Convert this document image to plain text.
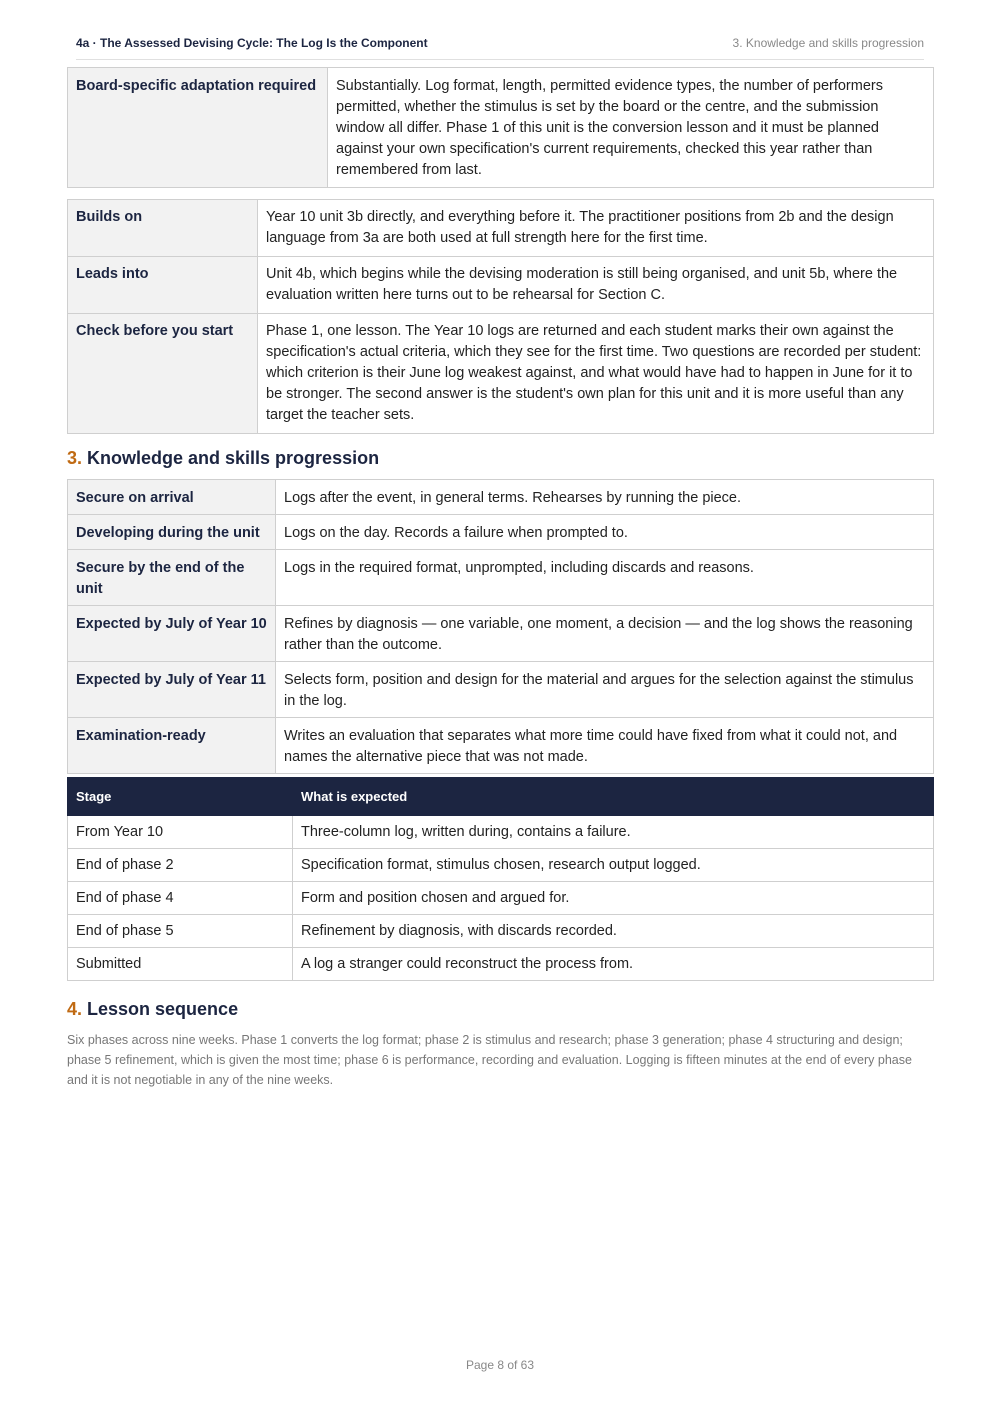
4a · The Assessed Devising Cycle: The Log Is the Component	3. Knowledge and skills progression
Board-specific adaptation required	Substantially. Log format, length, permitted evidence types, the number of performers permitted, whether the stimulus is set by the board or the centre, and the submission window all differ. Phase 1 of this unit is the conversion lesson and it must be planned against your own specification's current requirements, checked this year rather than remembered from last.
Builds on	Year 10 unit 3b directly, and everything before it. The practitioner positions from 2b and the design language from 3a are both used at full strength here for the first time.
Leads into	Unit 4b, which begins while the devising moderation is still being organised, and unit 5b, where the evaluation written here turns out to be rehearsal for Section C.
Check before you start	Phase 1, one lesson. The Year 10 logs are returned and each student marks their own against the specification's actual criteria, which they see for the first time. Two questions are recorded per student: which criterion is their June log weakest against, and what would have had to happen in June for it to be stronger. The second answer is the student's own plan for this unit and it is more useful than any target the teacher sets.
3. Knowledge and skills progression
Secure on arrival	Logs after the event, in general terms. Rehearses by running the piece.
Developing during the unit	Logs on the day. Records a failure when prompted to.
Secure by the end of the unit	Logs in the required format, unprompted, including discards and reasons.
Expected by July of Year 10	Refines by diagnosis — one variable, one moment, a decision — and the log shows the reasoning rather than the outcome.
Expected by July of Year 11	Selects form, position and design for the material and argues for the selection against the stimulus in the log.
Examination-ready	Writes an evaluation that separates what more time could have fixed from what it could not, and names the alternative piece that was not made.
Stage	What is expected
From Year 10	Three-column log, written during, contains a failure.
End of phase 2	Specification format, stimulus chosen, research output logged.
End of phase 4	Form and position chosen and argued for.
End of phase 5	Refinement by diagnosis, with discards recorded.
Submitted	A log a stranger could reconstruct the process from.
4. Lesson sequence

Six phases across nine weeks. Phase 1 converts the log format; phase 2 is stimulus and research; phase 3 generation; phase 4 structuring and design; phase 5 refinement, which is given the most time; phase 6 is performance, recording and evaluation. Logging is fifteen minutes at the end of every phase and it is not negotiable in any of the nine weeks.

Page 8 of 63
